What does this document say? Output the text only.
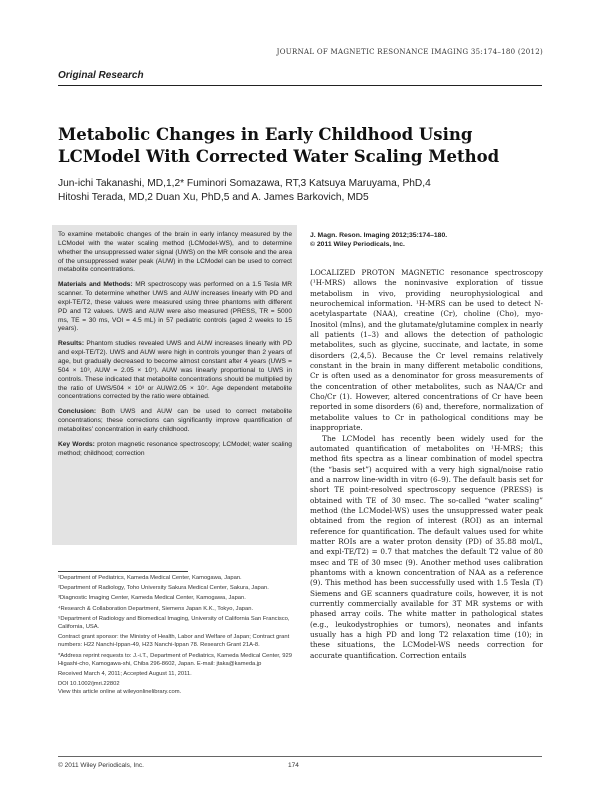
JOURNAL OF MAGNETIC RESONANCE IMAGING 35:174–180 (2012)
Original Research
Metabolic Changes in Early Childhood Using LCModel With Corrected Water Scaling Method
Jun-ichi Takanashi, MD,1,2* Fuminori Somazawa, RT,3 Katsuya Maruyama, PhD,4
Hitoshi Terada, MD,2 Duan Xu, PhD,5 and A. James Barkovich, MD5

To examine metabolic changes of the brain in early infancy measured by the LCModel with the water scaling method (LCModel-WS), and to determine whether the unsuppressed water signal (UWS) on the MR console and the area of the unsuppressed water peak (AUW) in the LCModel can be used to correct metabolite concentrations.

Materials and Methods: MR spectroscopy was performed on a 1.5 Tesla MR scanner. To determine whether UWS and AUW increases linearly with PD and expl-TE/T2, these values were measured using three phantoms with different PD and T2 values. UWS and AUW were also measured (PRESS, TR = 5000 ms, TE = 30 ms, VOI = 4.5 mL) in 57 pediatric controls (aged 2 weeks to 15 years).

Results: Phantom studies revealed UWS and AUW increases linearly with PD and expl-TE/T2). UWS and AUW were high in controls younger than 2 years of age, but gradually decreased to become almost constant after 4 years (UWS = 504 × 10³, AUW = 2.05 × 10⁷). AUW was linearly proportional to UWS in controls. These indicated that metabolite concentrations should be multiplied by the ratio of UWS/504 × 10³ or AUW/2.05 × 10⁷. Age dependent metabolite concentrations corrected by the ratio were obtained.

Conclusion: Both UWS and AUW can be used to correct metabolite concentrations; these corrections can significantly improve quantification of metabolites' concentration in early childhood.

Key Words: proton magnetic resonance spectroscopy; LCModel; water scaling method; childhood; correction

J. Magn. Reson. Imaging 2012;35:174–180.
© 2011 Wiley Periodicals, Inc.

LOCALIZED PROTON MAGNETIC resonance spectroscopy (¹H-MRS) allows the noninvasive exploration of tissue metabolism in vivo, providing neurophysiological and neurochemical information. ¹H-MRS can be used to detect N-acetylaspartate (NAA), creatine (Cr), choline (Cho), myo-Inositol (mIns), and the glutamate/glutamine complex in nearly all patients (1–3) and allows the detection of pathologic metabolites, such as glycine, succinate, and lactate, in some disorders (2,4,5). Because the Cr level remains relatively constant in the brain in many different metabolic conditions, Cr is often used as a denominator for gross measurements of the concentration of other metabolites, such as NAA/Cr and Cho/Cr (1). However, altered concentrations of Cr have been reported in some disorders (6) and, therefore, normalization of metabolite values to Cr in pathological conditions may be inappropriate.

The LCModel has recently been widely used for the automated quantification of metabolites on ¹H-MRS; this method fits spectra as a linear combination of model spectra (the “basis set”) acquired with a very high signal/noise ratio and a narrow line-width in vitro (6–9). The default basis set for short TE point-resolved spectroscopy sequence (PRESS) is obtained with TE of 30 msec. The so-called “water scaling” method (the LCModel-WS) uses the unsuppressed water peak obtained from the region of interest (ROI) as an internal reference for quantification. The default values used for white matter ROIs are a water proton density (PD) of 35.88 mol/L, and expl-TE/T2) = 0.7 that matches the default T2 value of 80 msec and TE of 30 msec (9). Another method uses calibration phantoms with a known concentration of NAA as a reference (9). This method has been successfully used with 1.5 Tesla (T) Siemens and GE scanners quadrature coils, however, it is not currently commercially available for 3T MR systems or with phased array coils. The white matter in pathological states (e.g., leukodystrophies or tumors), neonates and infants usually has a high PD and long T2 relaxation time (10); in these situations, the LCModel-WS needs correction for accurate quantification. Correction entails

¹Department of Pediatrics, Kameda Medical Center, Kamogawa, Japan.

²Department of Radiology, Toho University Sakura Medical Center, Sakura, Japan.

³Diagnostic Imaging Center, Kameda Medical Center, Kamogawa, Japan.

⁴Research & Collaboration Department, Siemens Japan K.K., Tokyo, Japan.

⁵Department of Radiology and Biomedical Imaging, University of California San Francisco, California, USA.

Contract grant sponsor: the Ministry of Health, Labor and Welfare of Japan; Contract grant numbers: H22 Nanchi-Ippan-49, H23 Nanchi-Ippan 78. Research Grant 21A-8.

*Address reprint requests to: J.-i.T., Department of Pediatrics, Kameda Medical Center, 929 Higashi-cho, Kamogawa-shi, Chiba 296-8602, Japan. E-mail: jtaka@kameda.jp

Received March 4, 2011; Accepted August 11, 2011.

DOI 10.1002/jmri.22802

View this article online at wileyonlinelibrary.com.

© 2011 Wiley Periodicals, Inc.	174
